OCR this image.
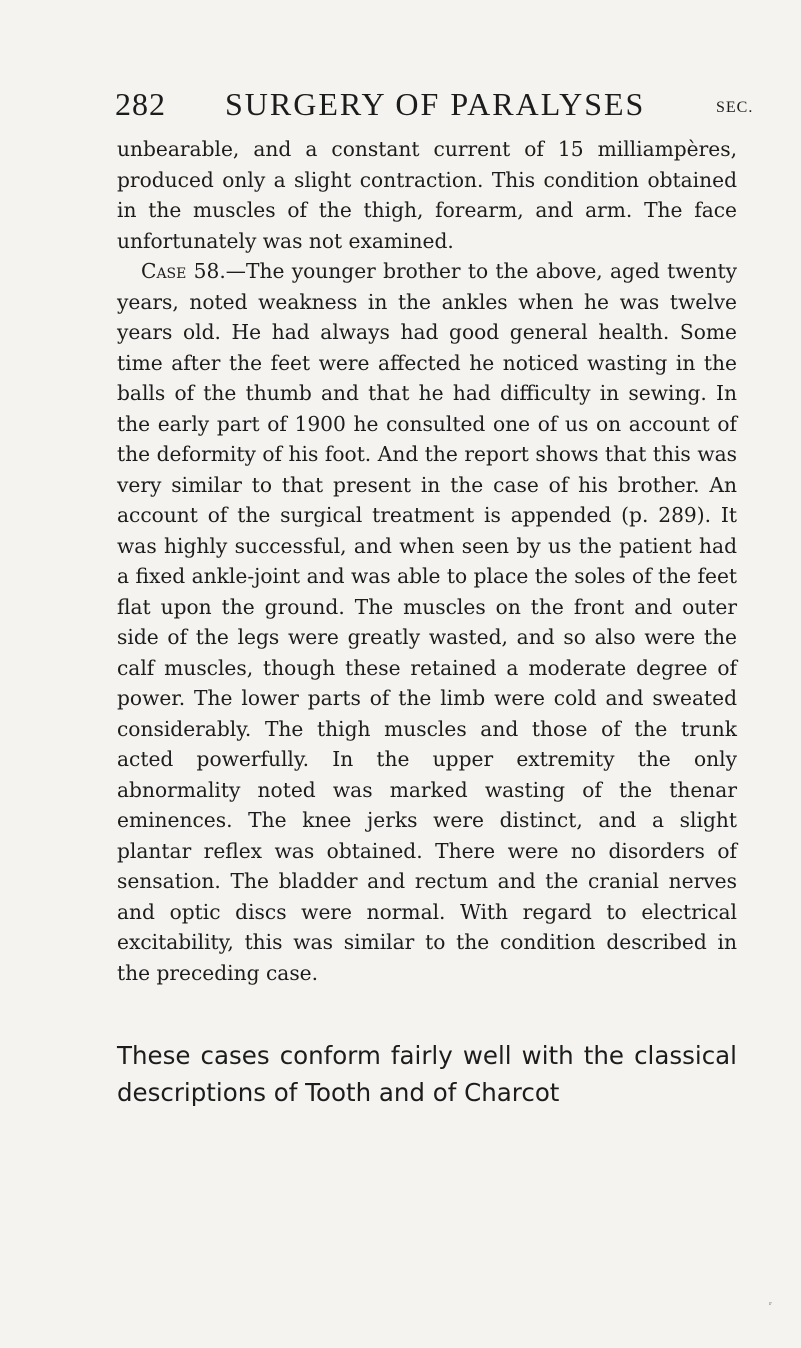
282 SURGERY OF PARALYSES	SEC.

unbearable, and a constant current of 15 milliampères, produced only a slight contraction. This condition obtained in the muscles of the thigh, forearm, and arm. The face unfortunately was not examined.

Case 58.—The younger brother to the above, aged twenty years, noted weakness in the ankles when he was twelve years old. He had always had good general health. Some time after the feet were affected he noticed wasting in the balls of the thumb and that he had difficulty in sewing. In the early part of 1900 he consulted one of us on account of the deformity of his foot. And the report shows that this was very similar to that present in the case of his brother. An account of the surgical treatment is appended (p. 289). It was highly successful, and when seen by us the patient had a fixed ankle-joint and was able to place the soles of the feet flat upon the ground. The muscles on the front and outer side of the legs were greatly wasted, and so also were the calf muscles, though these retained a moderate degree of power. The lower parts of the limb were cold and sweated considerably. The thigh muscles and those of the trunk acted powerfully. In the upper extremity the only abnormality noted was marked wasting of the thenar eminences. The knee jerks were distinct, and a slight plantar reflex was obtained. There were no disorders of sensation. The bladder and rectum and the cranial nerves and optic discs were normal. With regard to electrical excitability, this was similar to the condition described in the preceding case.

These cases conform fairly well with the classical descriptions of Tooth and of Charcot

ʳ
